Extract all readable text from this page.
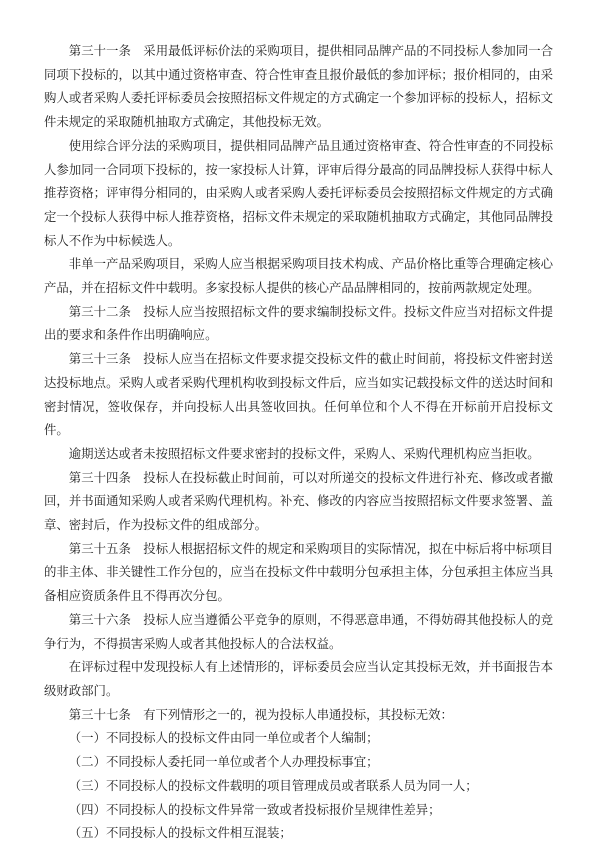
第三十一条 采用最低评标价法的采购项目，提供相同品牌产品的不同投标人参加同一合同项下投标的，以其中通过资格审查、符合性审查且报价最低的参加评标；报价相同的，由采购人或者采购人委托评标委员会按照招标文件规定的方式确定一个参加评标的投标人，招标文件未规定的采取随机抽取方式确定，其他投标无效。

使用综合评分法的采购项目，提供相同品牌产品且通过资格审查、符合性审查的不同投标人参加同一合同项下投标的，按一家投标人计算，评审后得分最高的同品牌投标人获得中标人推荐资格；评审得分相同的，由采购人或者采购人委托评标委员会按照招标文件规定的方式确定一个投标人获得中标人推荐资格，招标文件未规定的采取随机抽取方式确定，其他同品牌投标人不作为中标候选人。

非单一产品采购项目，采购人应当根据采购项目技术构成、产品价格比重等合理确定核心产品，并在招标文件中载明。多家投标人提供的核心产品品牌相同的，按前两款规定处理。

第三十二条 投标人应当按照招标文件的要求编制投标文件。投标文件应当对招标文件提出的要求和条件作出明确响应。

第三十三条 投标人应当在招标文件要求提交投标文件的截止时间前，将投标文件密封送达投标地点。采购人或者采购代理机构收到投标文件后，应当如实记载投标文件的送达时间和密封情况，签收保存，并向投标人出具签收回执。任何单位和个人不得在开标前开启投标文件。

逾期送达或者未按照招标文件要求密封的投标文件，采购人、采购代理机构应当拒收。

第三十四条 投标人在投标截止时间前，可以对所递交的投标文件进行补充、修改或者撤回，并书面通知采购人或者采购代理机构。补充、修改的内容应当按照招标文件要求签署、盖章、密封后，作为投标文件的组成部分。

第三十五条 投标人根据招标文件的规定和采购项目的实际情况，拟在中标后将中标项目的非主体、非关键性工作分包的，应当在投标文件中载明分包承担主体，分包承担主体应当具备相应资质条件且不得再次分包。

第三十六条 投标人应当遵循公平竞争的原则，不得恶意串通，不得妨碍其他投标人的竞争行为，不得损害采购人或者其他投标人的合法权益。

在评标过程中发现投标人有上述情形的，评标委员会应当认定其投标无效，并书面报告本级财政部门。

第三十七条 有下列情形之一的，视为投标人串通投标，其投标无效：

（一）不同投标人的投标文件由同一单位或者个人编制；

（二）不同投标人委托同一单位或者个人办理投标事宜；

（三）不同投标人的投标文件载明的项目管理成员或者联系人员为同一人；

（四）不同投标人的投标文件异常一致或者投标报价呈规律性差异；

（五）不同投标人的投标文件相互混装；
